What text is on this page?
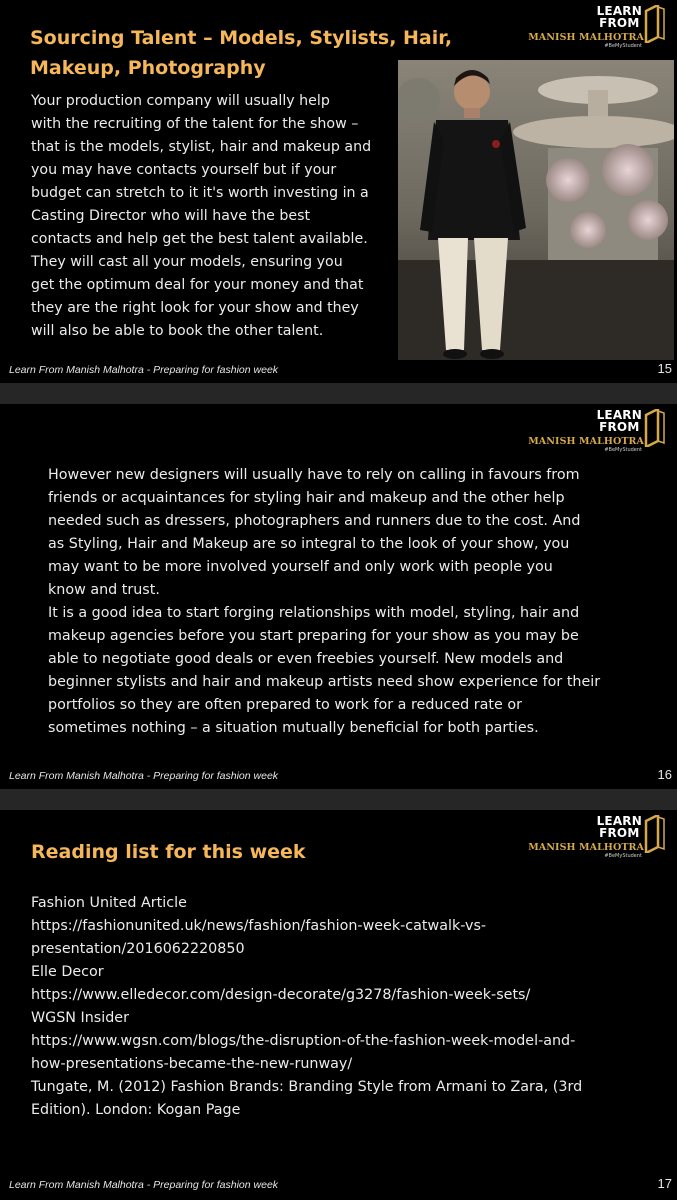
LEARN
FROM
MANISH MALHOTRA
#BeMyStudent
Sourcing Talent – Models, Stylists, Hair,
Makeup, Photography
Your production company will usually help
with the recruiting of the talent for the show –
that is the models, stylist, hair and makeup and
you may have contacts yourself but if your
budget can stretch to it it's worth investing in a
Casting Director who will have the best
contacts and help get the best talent available.
They will cast all your models, ensuring you
get the optimum deal for your money and that
they are the right look for your show and they
will also be able to book the other talent.
Learn From Manish Malhotra - Preparing for fashion week	15
LEARN
FROM
MANISH MALHOTRA
#BeMyStudent
However new designers will usually have to rely on calling in favours from
friends or acquaintances for styling hair and makeup and the other help
needed such as dressers, photographers and runners due to the cost. And
as Styling, Hair and Makeup are so integral to the look of your show, you
may want to be more involved yourself and only work with people you
know and trust.
It is a good idea to start forging relationships with model, styling, hair and
makeup agencies before you start preparing for your show as you may be
able to negotiate good deals or even freebies yourself. New models and
beginner stylists and hair and makeup artists need show experience for their
portfolios so they are often prepared to work for a reduced rate or
sometimes nothing – a situation mutually beneficial for both parties.
Learn From Manish Malhotra - Preparing for fashion week	16
LEARN
FROM
MANISH MALHOTRA
#BeMyStudent
Reading list for this week

Fashion United Article

https://fashionunited.uk/news/fashion/fashion-week-catwalk-vs-

presentation/2016062220850

Elle Decor

https://www.elledecor.com/design-decorate/g3278/fashion-week-sets/

WGSN Insider

https://www.wgsn.com/blogs/the-disruption-of-the-fashion-week-model-and-

how-presentations-became-the-new-runway/

Tungate, M. (2012) Fashion Brands: Branding Style from Armani to Zara, (3rd

Edition). London: Kogan Page

Learn From Manish Malhotra - Preparing for fashion week	17
